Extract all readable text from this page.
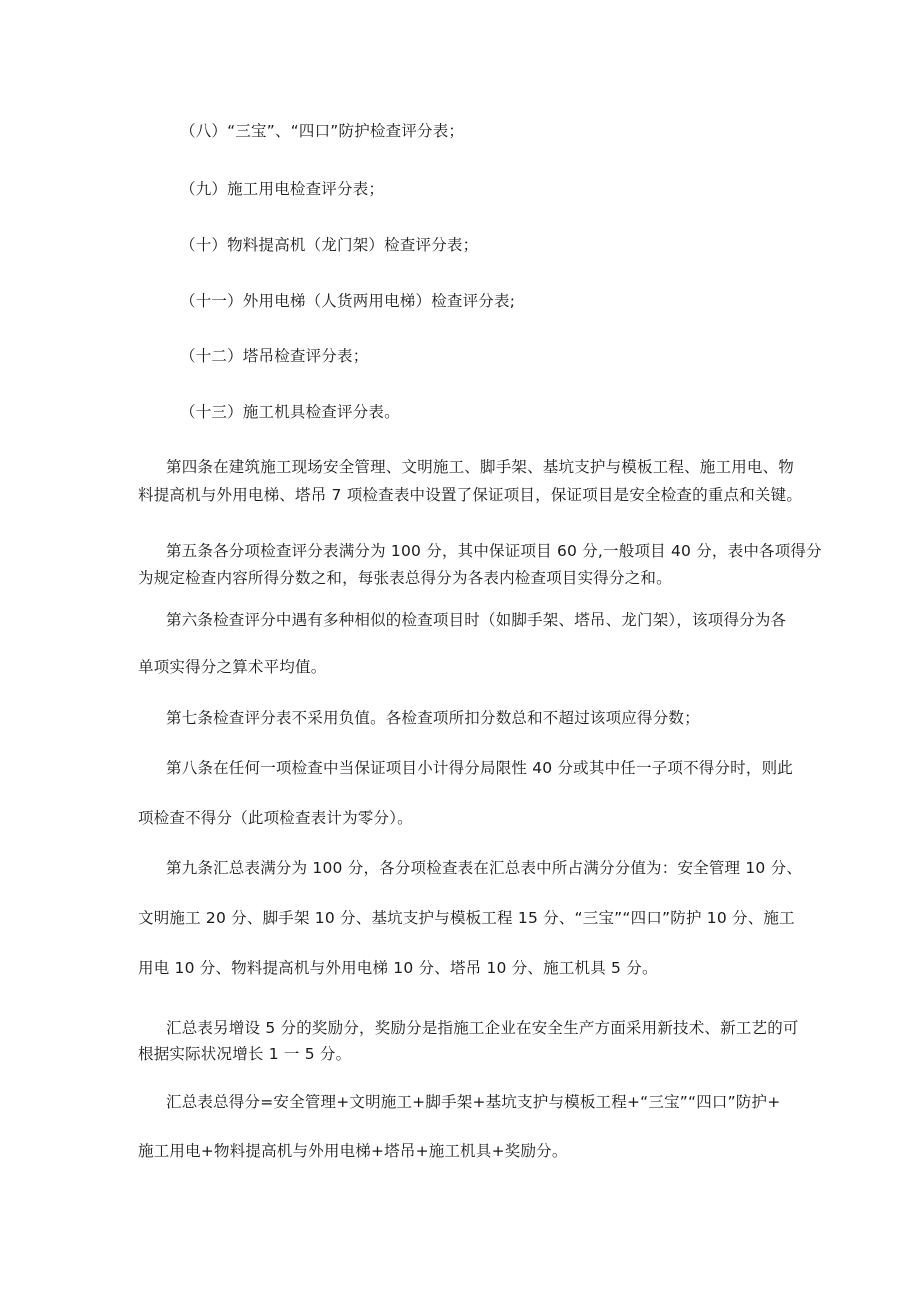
（八）“三宝”、“四口”防护检查评分表；

（九）施工用电检查评分表；

（十）物料提高机（龙门架）检查评分表；

（十一）外用电梯（人货两用电梯）检查评分表;

（十二）塔吊检查评分表；

（十三）施工机具检查评分表。

第四条在建筑施工现场安全管理、文明施工、脚手架、基坑支护与模板工程、施工用电、物

料提高机与外用电梯、塔吊 7 项检查表中设置了保证项目，保证项目是安全检查的重点和关键。

第五条各分项检查评分表满分为 100 分，其中保证项目 60 分,一般项目 40 分，表中各项得分

为规定检查内容所得分数之和，每张表总得分为各表内检查项目实得分之和。

第六条检查评分中遇有多种相似的检查项目时（如脚手架、塔吊、龙门架），该项得分为各

单项实得分之算术平均值。

第七条检查评分表不采用负值。各检查项所扣分数总和不超过该项应得分数；

第八条在任何一项检查中当保证项目小计得分局限性 40 分或其中任一子项不得分时，则此

项检查不得分（此项检查表计为零分）。

第九条汇总表满分为 100 分，各分项检查表在汇总表中所占满分分值为：安全管理 10 分、

文明施工 20 分、脚手架 10 分、基坑支护与模板工程 15 分、“三宝”“四口”防护 10 分、施工

用电 10 分、物料提高机与外用电梯 10 分、塔吊 10 分、施工机具 5 分。

汇总表另增设 5 分的奖励分，奖励分是指施工企业在安全生产方面采用新技术、新工艺的可

根据实际状况增长 1 一 5 分。

汇总表总得分=安全管理+文明施工+脚手架+基坑支护与模板工程+“三宝”“四口”防护+

施工用电+物料提高机与外用电梯+塔吊+施工机具+奖励分。
